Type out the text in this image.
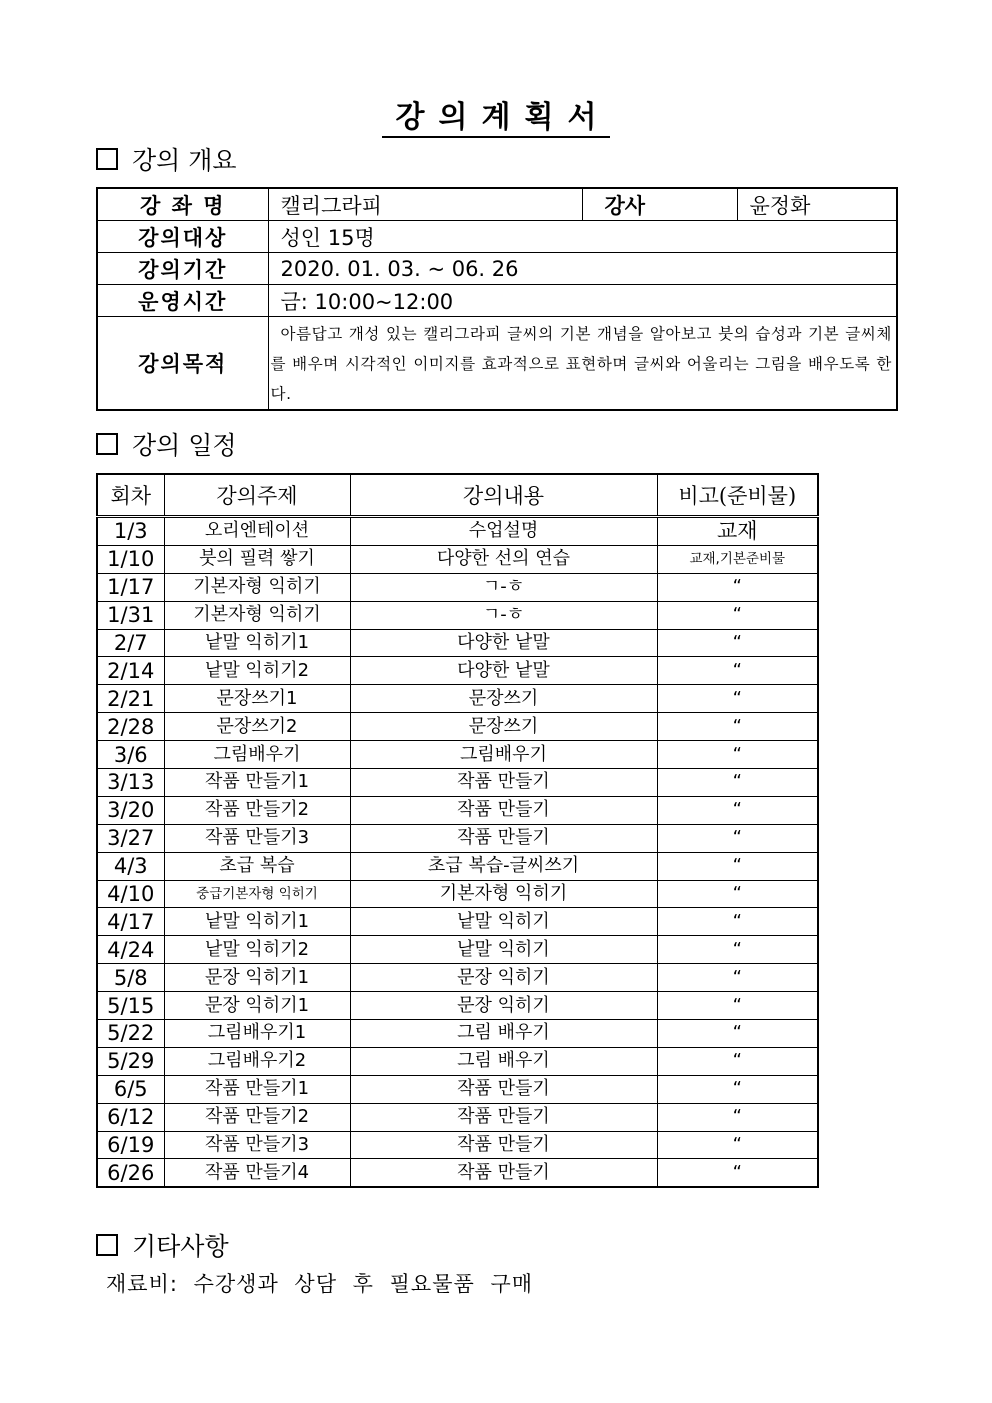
강의계획서
강의 개요
강 좌 명	캘리그라피	강사	윤정화
강의대상	성인 15명		
강의기간	2020. 01. 03. ~ 06. 26		
운영시간	금: 10:00~12:00		
강의목적	아름답고 개성 있는 캘리그라피 글씨의 기본 개념을 알아보고 붓의 습성과 기본 글씨체를 배우며 시각적인 이미지를 효과적으로 표현하며 글씨와 어울리는 그림을 배우도록 한다.		
강의 일정
회차	강의주제	강의내용	비고(준비물)
1/3	오리엔테이션	수업설명	교재
1/10	붓의 필력 쌓기	다양한 선의 연습	교재,기본준비물
1/17	기본자형 익히기	ㄱ-ㅎ	“
1/31	기본자형 익히기	ㄱ-ㅎ	“
2/7	낱말 익히기1	다양한 낱말	“
2/14	낱말 익히기2	다양한 낱말	“
2/21	문장쓰기1	문장쓰기	“
2/28	문장쓰기2	문장쓰기	“
3/6	그림배우기	그림배우기	“
3/13	작품 만들기1	작품 만들기	“
3/20	작품 만들기2	작품 만들기	“
3/27	작품 만들기3	작품 만들기	“
4/3	초급 복습	초급 복습-글씨쓰기	“
4/10	중급기본자형 익히기	기본자형 익히기	“
4/17	낱말 익히기1	낱말 익히기	“
4/24	낱말 익히기2	낱말 익히기	“
5/8	문장 익히기1	문장 익히기	“
5/15	문장 익히기1	문장 익히기	“
5/22	그림배우기1	그림 배우기	“
5/29	그림배우기2	그림 배우기	“
6/5	작품 만들기1	작품 만들기	“
6/12	작품 만들기2	작품 만들기	“
6/19	작품 만들기3	작품 만들기	“
6/26	작품 만들기4	작품 만들기	“
기타사항
재료비: 수강생과 상담 후 필요물품 구매
